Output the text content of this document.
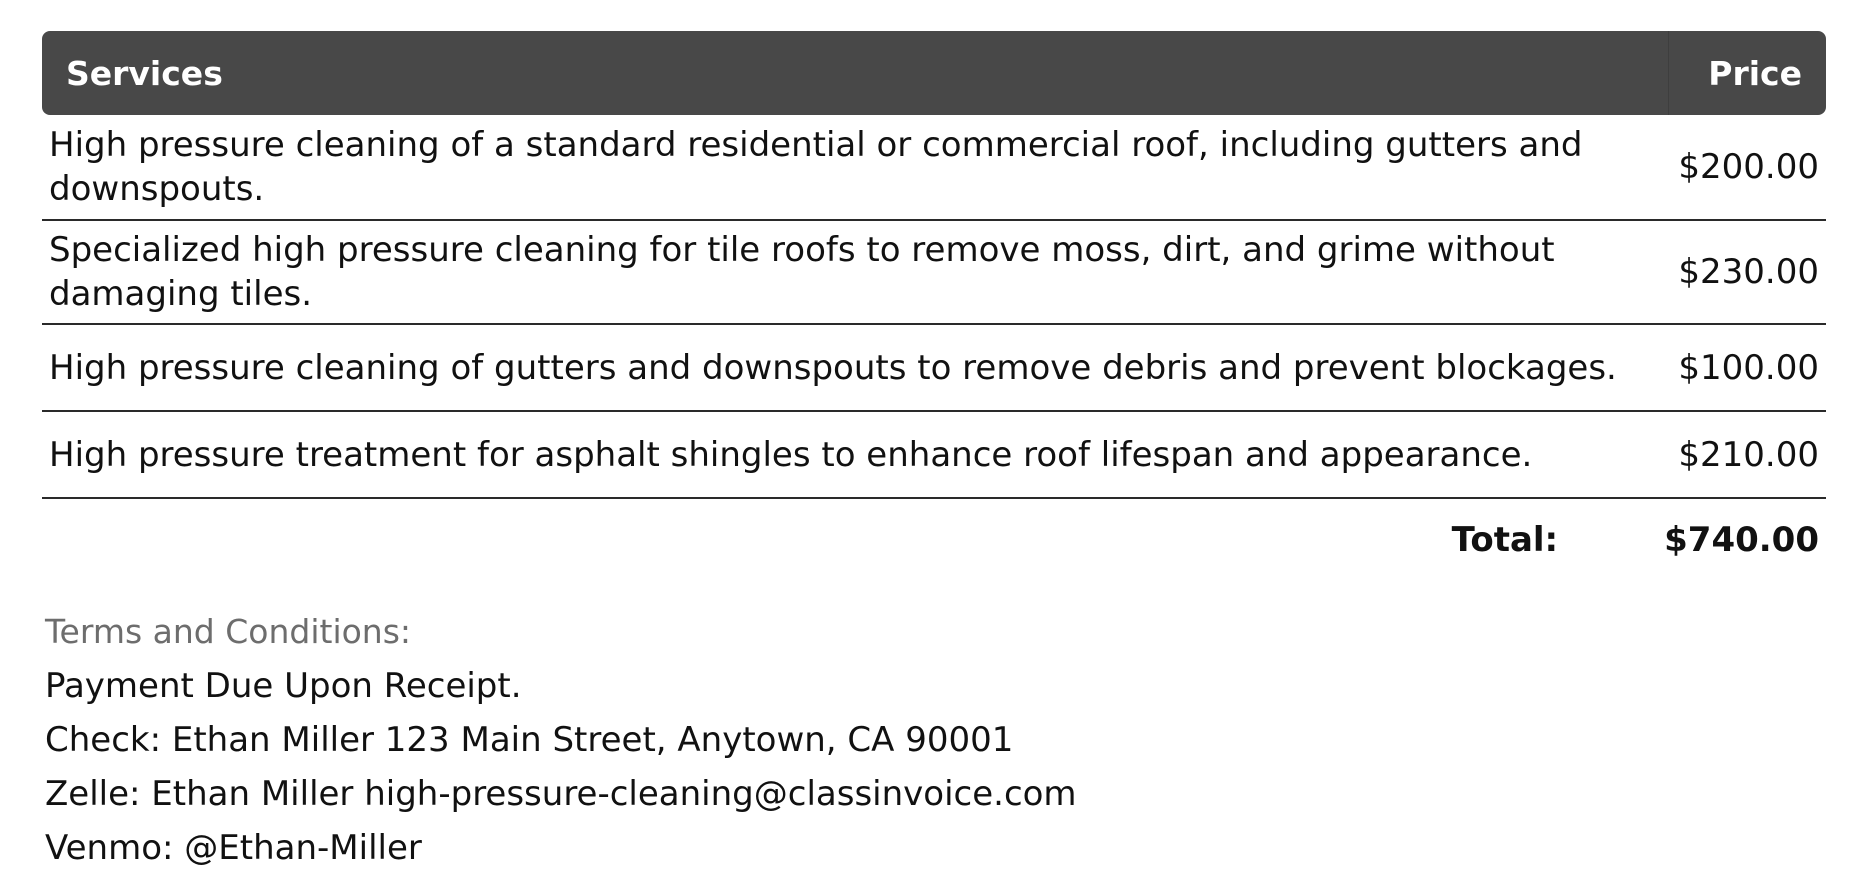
Services	Price
High pressure cleaning of a standard residential or commercial roof, including gutters and downspouts.	$200.00
Specialized high pressure cleaning for tile roofs to remove moss, dirt, and grime without damaging tiles.	$230.00
High pressure cleaning of gutters and downspouts to remove debris and prevent blockages.	$100.00
High pressure treatment for asphalt shingles to enhance roof lifespan and appearance.	$210.00
Total:	$740.00
Terms and Conditions:
Payment Due Upon Receipt.
Check: Ethan Miller 123 Main Street, Anytown, CA 90001
Zelle: Ethan Miller high-pressure-cleaning@classinvoice.com
Venmo: @Ethan-Miller
